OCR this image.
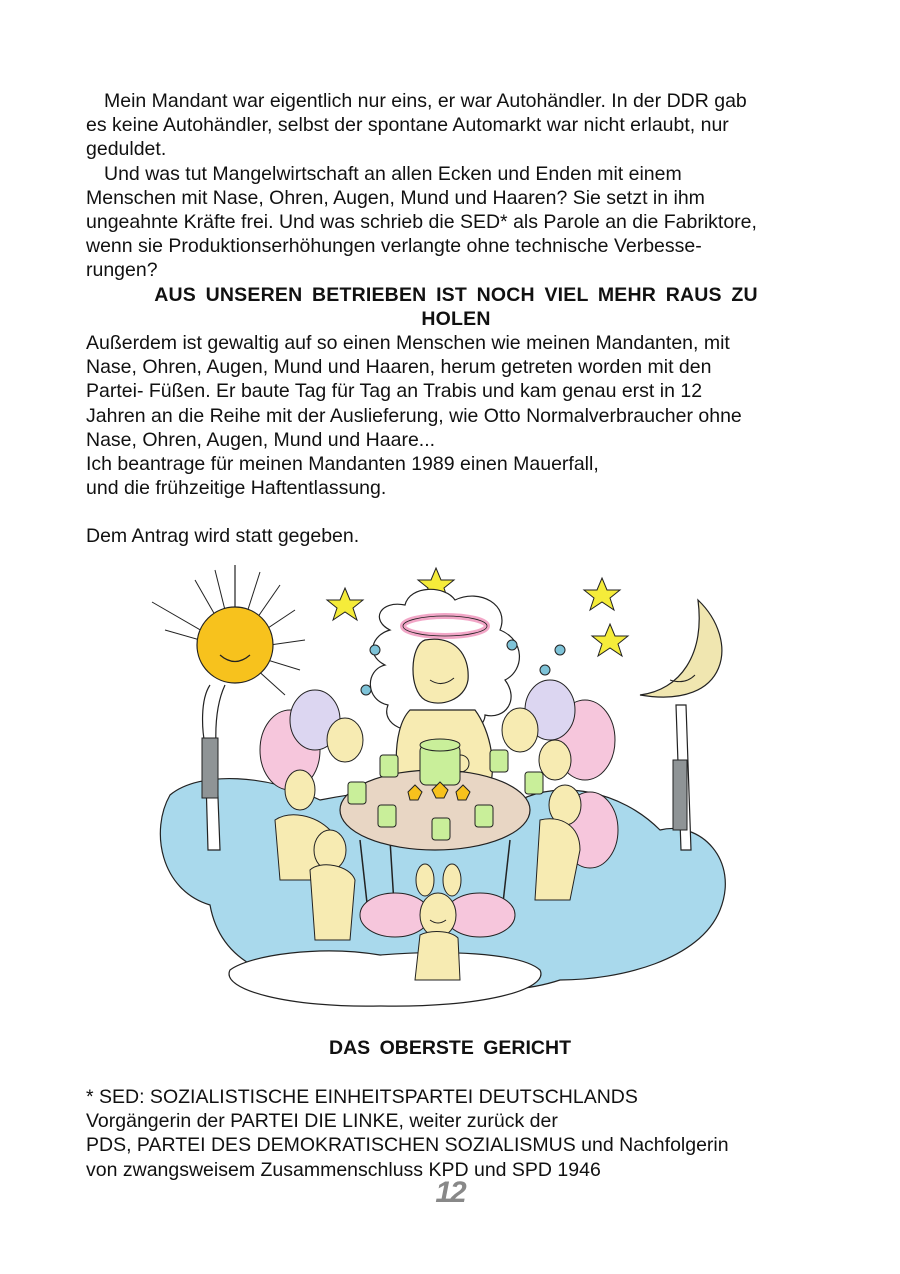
Mein Mandant war eigentlich nur eins, er war Autohändler. In der DDR gab
es keine Autohändler, selbst der spontane Automarkt war nicht erlaubt, nur
geduldet.
Und was tut Mangelwirtschaft an allen Ecken und Enden mit einem
Menschen mit Nase, Ohren, Augen, Mund und Haaren? Sie setzt in ihm
ungeahnte Kräfte frei. Und was schrieb die SED* als Parole an die Fabriktore,
wenn sie Produktionserhöhungen verlangte ohne technische Verbesse-
rungen?
AUS UNSEREN BETRIEBEN IST NOCH VIEL MEHR RAUS ZU
HOLEN
Außerdem ist gewaltig auf so einen Menschen wie meinen Mandanten, mit
Nase, Ohren, Augen, Mund und Haaren, herum getreten worden mit den
Partei- Füßen. Er baute Tag für Tag an Trabis und kam genau erst in 12
Jahren an die Reihe mit der Auslieferung, wie Otto Normalverbraucher ohne
Nase, Ohren, Augen, Mund und Haare...
Ich beantrage für meinen Mandanten 1989 einen Mauerfall,
und die frühzeitige Haftentlassung.
Dem Antrag wird statt gegeben.
DAS OBERSTE GERICHT
* SED: SOZIALISTISCHE EINHEITSPARTEI DEUTSCHLANDS
Vorgängerin der PARTEI DIE LINKE, weiter zurück der
PDS, PARTEI DES DEMOKRATISCHEN SOZIALISMUS und Nachfolgerin
von zwangsweisem Zusammenschluss KPD und SPD 1946
12
